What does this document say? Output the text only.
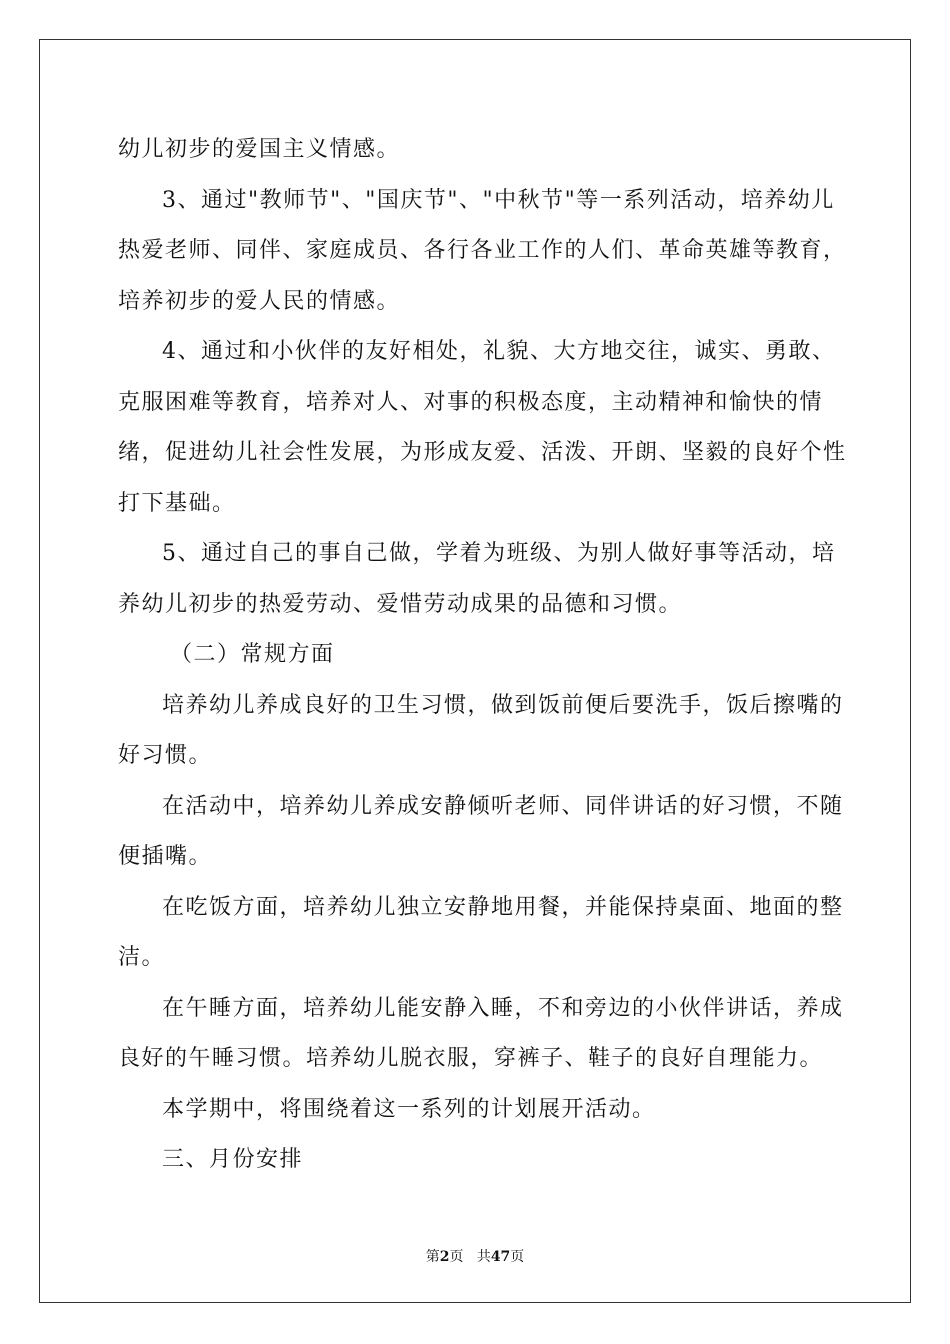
幼儿初步的爱国主义情感。

3、通过"教师节"、"国庆节"、"中秋节"等一系列活动，培养幼儿热爱老师、同伴、家庭成员、各行各业工作的人们、革命英雄等教育，培养初步的爱人民的情感。

4、通过和小伙伴的友好相处，礼貌、大方地交往，诚实、勇敢、克服困难等教育，培养对人、对事的积极态度，主动精神和愉快的情绪，促进幼儿社会性发展，为形成友爱、活泼、开朗、坚毅的良好个性打下基础。

5、通过自己的事自己做，学着为班级、为别人做好事等活动，培养幼儿初步的热爱劳动、爱惜劳动成果的品德和习惯。

（二）常规方面

培养幼儿养成良好的卫生习惯，做到饭前便后要洗手，饭后擦嘴的好习惯。

在活动中，培养幼儿养成安静倾听老师、同伴讲话的好习惯，不随便插嘴。

在吃饭方面，培养幼儿独立安静地用餐，并能保持桌面、地面的整洁。

在午睡方面，培养幼儿能安静入睡，不和旁边的小伙伴讲话，养成良好的午睡习惯。培养幼儿脱衣服，穿裤子、鞋子的良好自理能力。

本学期中，将围绕着这一系列的计划展开活动。

三、月份安排

第2页 共47页
